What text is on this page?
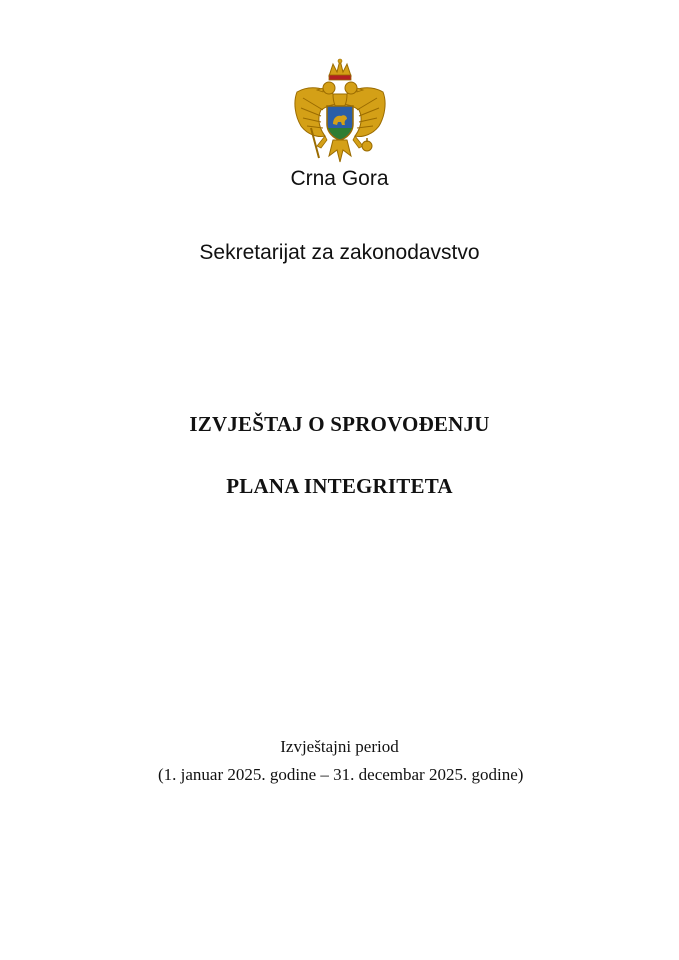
Crna Gora
Sekretarijat za zakonodavstvo
IZVJEŠTAJ O SPROVOĐENJU
PLANA INTEGRITETA
Izvještajni period
(1. januar 2025. godine – 31. decembar 2025. godine)
